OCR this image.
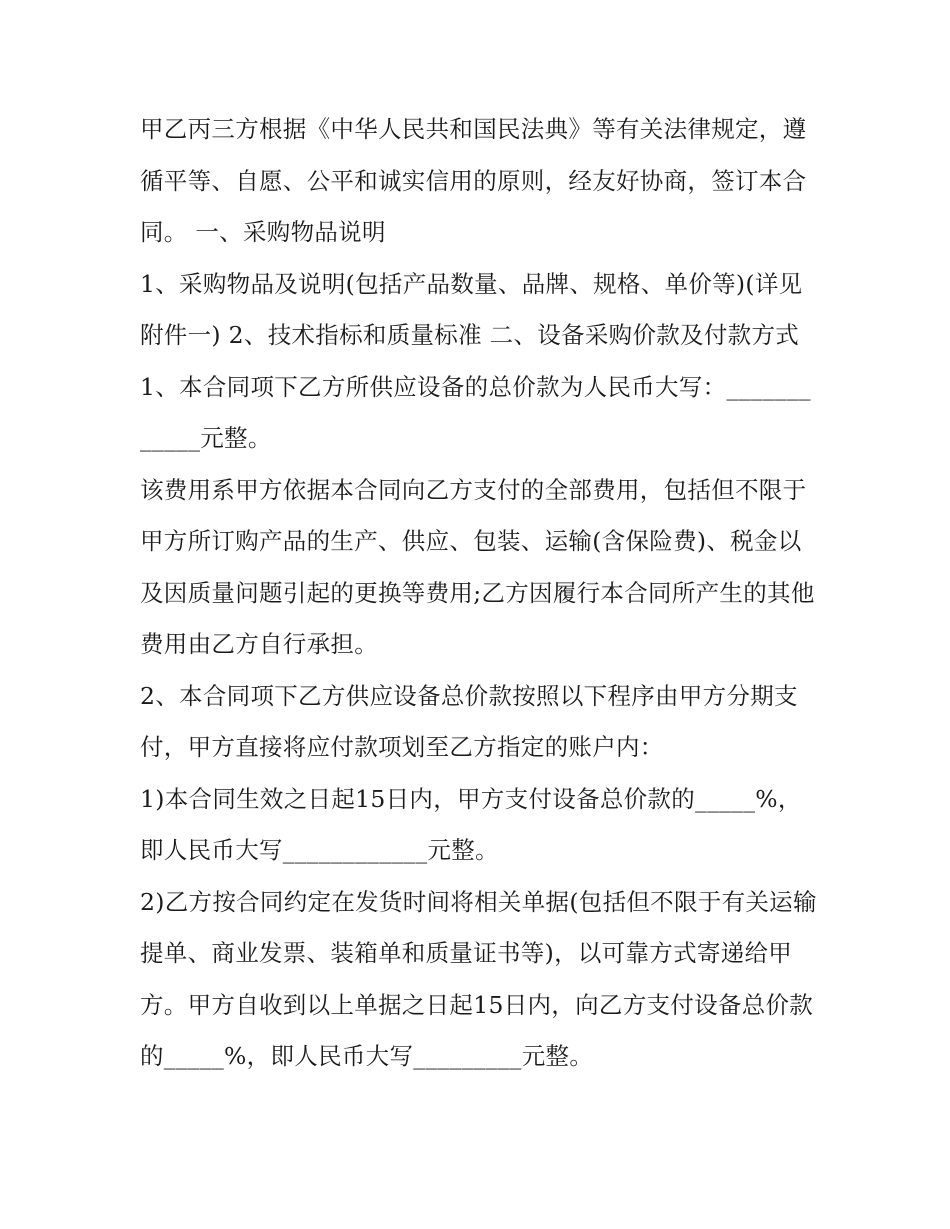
甲乙丙三方根据《中华人民共和国民法典》等有关法律规定，遵循平等、自愿、公平和诚实信用的原则，经友好协商，签订本合同。 一、采购物品说明

1、采购物品及说明(包括产品数量、品牌、规格、单价等)(详见附件一) 2、技术指标和质量标准 二、设备采购价款及付款方式

1、本合同项下乙方所供应设备的总价款为人民币大写：____________元整。

该费用系甲方依据本合同向乙方支付的全部费用，包括但不限于甲方所订购产品的生产、供应、包装、运输(含保险费)、税金以及因质量问题引起的更换等费用;乙方因履行本合同所产生的其他费用由乙方自行承担。

2、本合同项下乙方供应设备总价款按照以下程序由甲方分期支付，甲方直接将应付款项划至乙方指定的账户内：

1)本合同生效之日起15日内，甲方支付设备总价款的_____%，即人民币大写____________元整。

2)乙方按合同约定在发货时间将相关单据(包括但不限于有关运输提单、商业发票、装箱单和质量证书等)，以可靠方式寄递给甲方。甲方自收到以上单据之日起15日内，向乙方支付设备总价款的_____%，即人民币大写_________元整。
